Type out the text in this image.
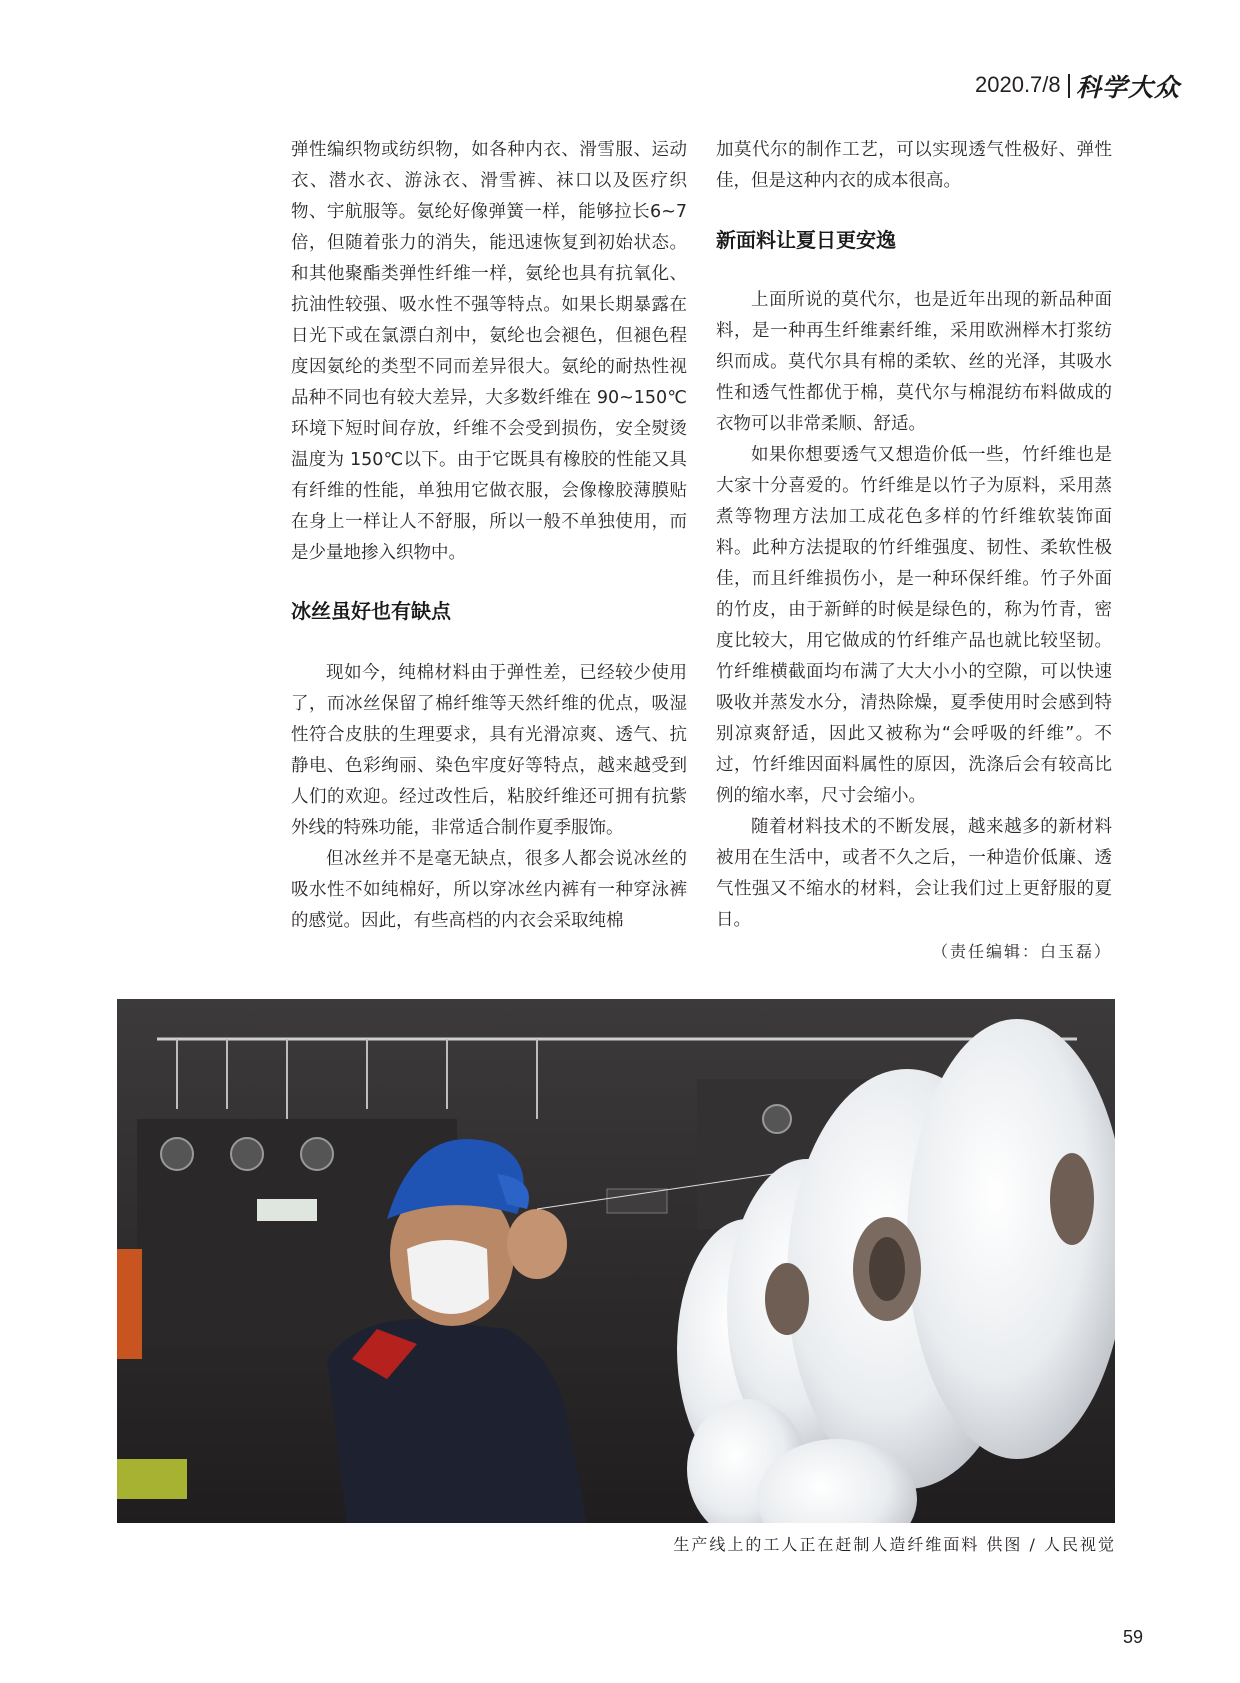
2020.7/8 科学大众

弹性编织物或纺织物，如各种内衣、滑雪服、运动衣、潜水衣、游泳衣、滑雪裤、袜口以及医疗织物、宇航服等。氨纶好像弹簧一样，能够拉长6~7 倍，但随着张力的消失，能迅速恢复到初始状态。和其他聚酯类弹性纤维一样，氨纶也具有抗氧化、抗油性较强、吸水性不强等特点。如果长期暴露在日光下或在氯漂白剂中，氨纶也会褪色，但褪色程度因氨纶的类型不同而差异很大。氨纶的耐热性视品种不同也有较大差异，大多数纤维在 90~150℃环境下短时间存放，纤维不会受到损伤，安全熨烫温度为 150℃以下。由于它既具有橡胶的性能又具有纤维的性能，单独用它做衣服，会像橡胶薄膜贴在身上一样让人不舒服，所以一般不单独使用，而是少量地掺入织物中。

冰丝虽好也有缺点

现如今，纯棉材料由于弹性差，已经较少使用了，而冰丝保留了棉纤维等天然纤维的优点，吸湿性符合皮肤的生理要求，具有光滑凉爽、透气、抗静电、色彩绚丽、染色牢度好等特点，越来越受到人们的欢迎。经过改性后，粘胶纤维还可拥有抗紫外线的特殊功能，非常适合制作夏季服饰。

但冰丝并不是毫无缺点，很多人都会说冰丝的吸水性不如纯棉好，所以穿冰丝内裤有一种穿泳裤的感觉。因此，有些高档的内衣会采取纯棉

加莫代尔的制作工艺，可以实现透气性极好、弹性佳，但是这种内衣的成本很高。

新面料让夏日更安逸

上面所说的莫代尔，也是近年出现的新品种面料，是一种再生纤维素纤维，采用欧洲榉木打浆纺织而成。莫代尔具有棉的柔软、丝的光泽，其吸水性和透气性都优于棉，莫代尔与棉混纺布料做成的衣物可以非常柔顺、舒适。

如果你想要透气又想造价低一些，竹纤维也是大家十分喜爱的。竹纤维是以竹子为原料，采用蒸煮等物理方法加工成花色多样的竹纤维软装饰面料。此种方法提取的竹纤维强度、韧性、柔软性极佳，而且纤维损伤小，是一种环保纤维。竹子外面的竹皮，由于新鲜的时候是绿色的，称为竹青，密度比较大，用它做成的竹纤维产品也就比较坚韧。竹纤维横截面均布满了大大小小的空隙，可以快速吸收并蒸发水分，清热除燥，夏季使用时会感到特别凉爽舒适，因此又被称为“会呼吸的纤维”。不过，竹纤维因面料属性的原因，洗涤后会有较高比例的缩水率，尺寸会缩小。

随着材料技术的不断发展，越来越多的新材料被用在生活中，或者不久之后，一种造价低廉、透气性强又不缩水的材料，会让我们过上更舒服的夏日。

（责任编辑：白玉磊）
生产线上的工人正在赶制人造纤维面料 供图 / 人民视觉
59
